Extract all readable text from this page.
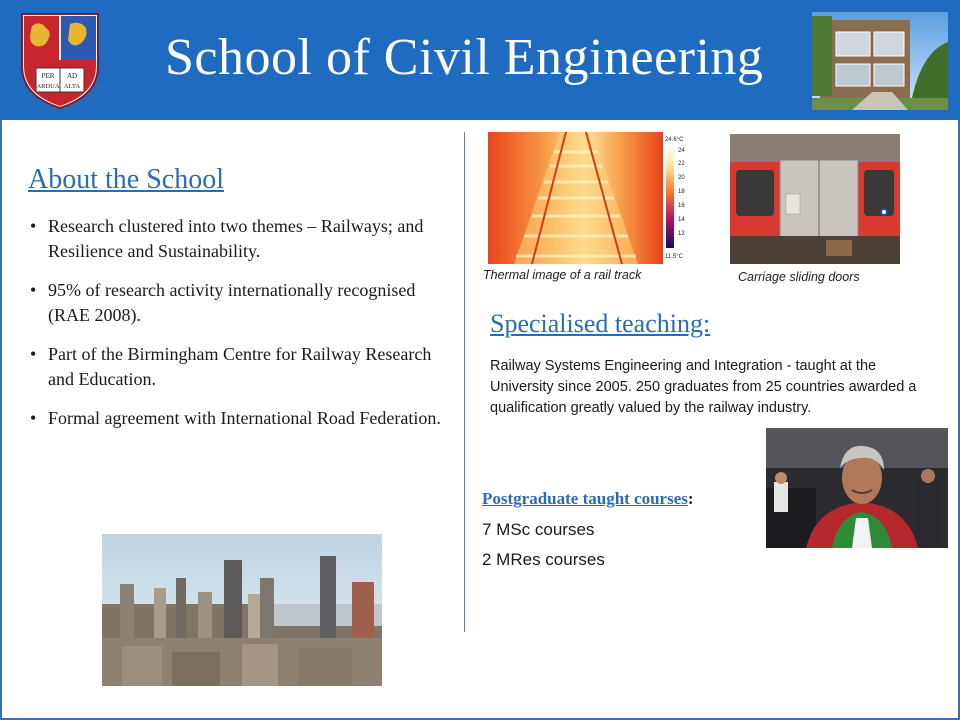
PER AD
ARDUA ALTA
School of Civil Engineering
About the School
• Research clustered into two themes – Railways; and Resilience and Sustainability.
• 95% of research activity internationally recognised (RAE 2008).
• Part of the Birmingham Centre for Railway Research and Education.
• Formal agreement with International Road Federation.
24.6°C
24
22
20
18
16
14
12
11.5°C
Thermal image of a rail track	Carriage sliding doors
Specialised teaching:
Railway Systems Engineering and Integration - taught at the University since 2005. 250 graduates from 25 countries awarded a qualification greatly valued by the railway industry.
Postgraduate taught courses:
7 MSc courses
2 MRes courses
